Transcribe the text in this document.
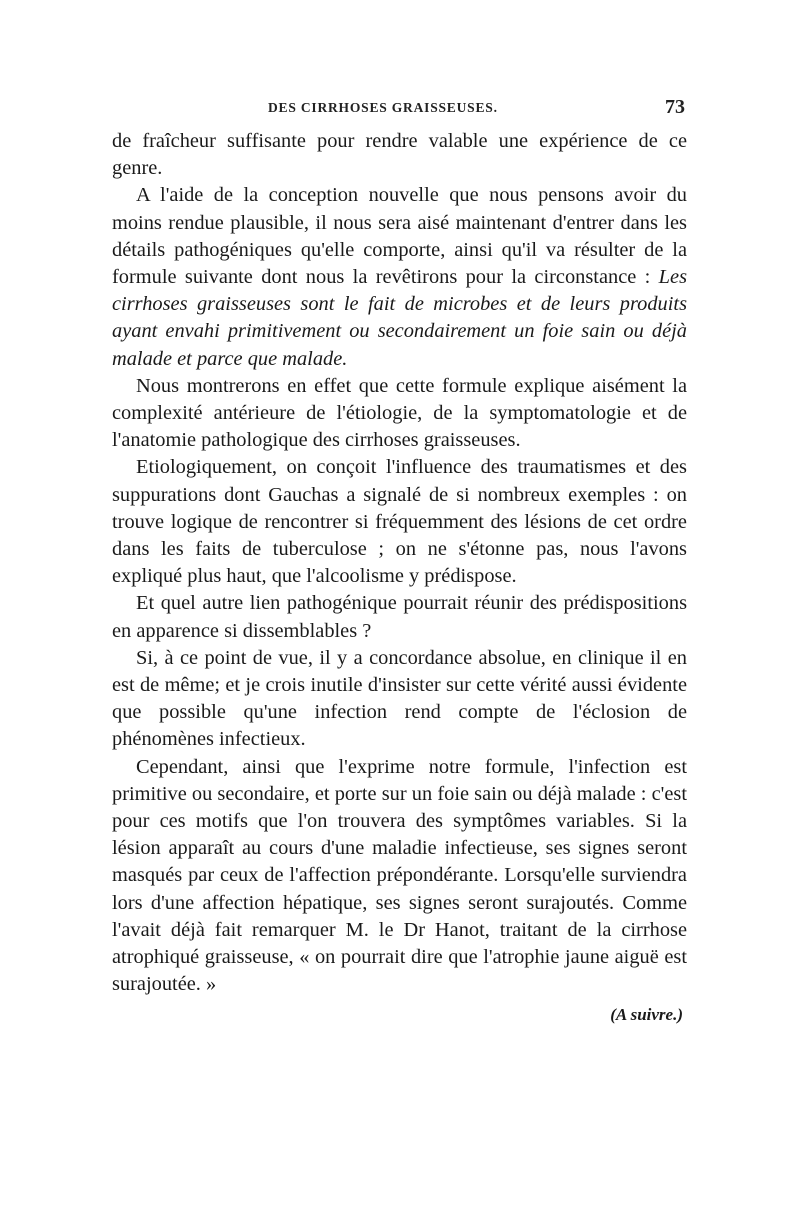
DES CIRRHOSES GRAISSEUSES.	73

de fraîcheur suffisante pour rendre valable une expérience de ce genre.

A l'aide de la conception nouvelle que nous pensons avoir du moins rendue plausible, il nous sera aisé maintenant d'entrer dans les détails pathogéniques qu'elle comporte, ainsi qu'il va résulter de la formule suivante dont nous la revêtirons pour la circonstance : Les cirrhoses graisseuses sont le fait de microbes et de leurs produits ayant envahi primitivement ou secondairement un foie sain ou déjà malade et parce que malade.

Nous montrerons en effet que cette formule explique aisément la complexité antérieure de l'étiologie, de la symptomatologie et de l'anatomie pathologique des cirrhoses graisseuses.

Etiologiquement, on conçoit l'influence des traumatismes et des suppurations dont Gauchas a signalé de si nombreux exemples : on trouve logique de rencontrer si fréquemment des lésions de cet ordre dans les faits de tuberculose ; on ne s'étonne pas, nous l'avons expliqué plus haut, que l'alcoolisme y prédispose.

Et quel autre lien pathogénique pourrait réunir des prédispositions en apparence si dissemblables ?

Si, à ce point de vue, il y a concordance absolue, en clinique il en est de même; et je crois inutile d'insister sur cette vérité aussi évidente que possible qu'une infection rend compte de l'éclosion de phénomènes infectieux.

Cependant, ainsi que l'exprime notre formule, l'infection est primitive ou secondaire, et porte sur un foie sain ou déjà malade : c'est pour ces motifs que l'on trouvera des symptômes variables. Si la lésion apparaît au cours d'une maladie infectieuse, ses signes seront masqués par ceux de l'affection prépondérante. Lorsqu'elle surviendra lors d'une affection hépatique, ses signes seront surajoutés. Comme l'avait déjà fait remarquer M. le Dr Hanot, traitant de la cirrhose atrophiqué graisseuse, « on pourrait dire que l'atrophie jaune aiguë est surajoutée. »

(A suivre.)
